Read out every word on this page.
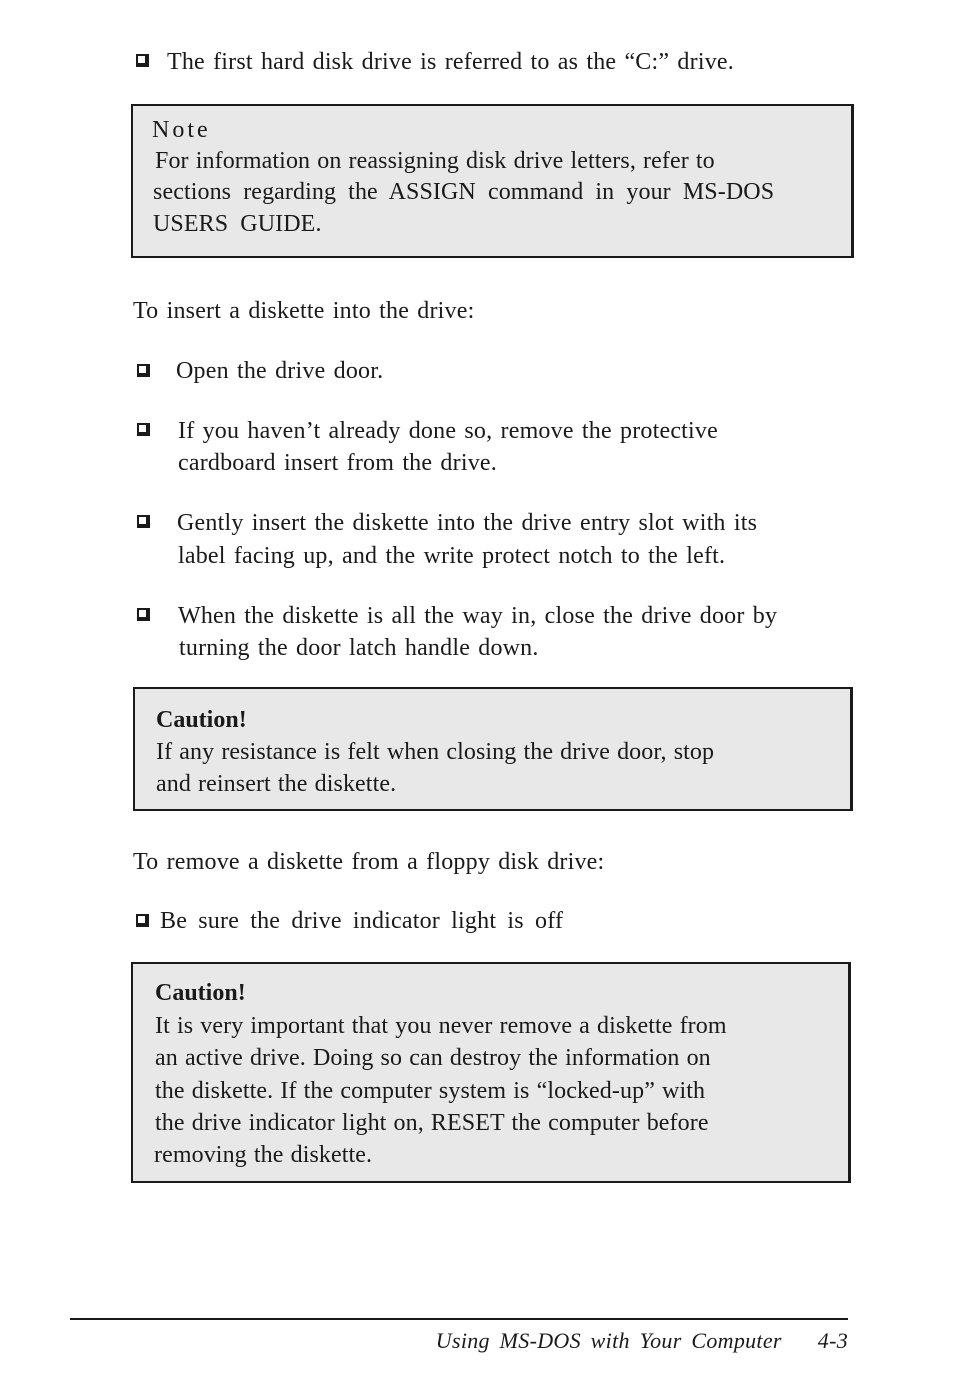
The first hard disk drive is referred to as the “C:” drive.
Note
For information on reassigning disk drive letters, refer to
sections regarding the ASSIGN command in your MS-DOS
USERS GUIDE.
To insert a diskette into the drive:
Open the drive door.
If you haven’t already done so, remove the protective
cardboard insert from the drive.
Gently insert the diskette into the drive entry slot with its
label facing up, and the write protect notch to the left.
When the diskette is all the way in, close the drive door by
turning the door latch handle down.
Caution!
If any resistance is felt when closing the drive door, stop
and reinsert the diskette.
To remove a diskette from a floppy disk drive:
Be sure the drive indicator light is off
Caution!
It is very important that you never remove a diskette from
an active drive. Doing so can destroy the information on
the diskette. If the computer system is “locked-up” with
the drive indicator light on, RESET the computer before
removing the diskette.
Using MS-DOS with Your Computer 4-3
